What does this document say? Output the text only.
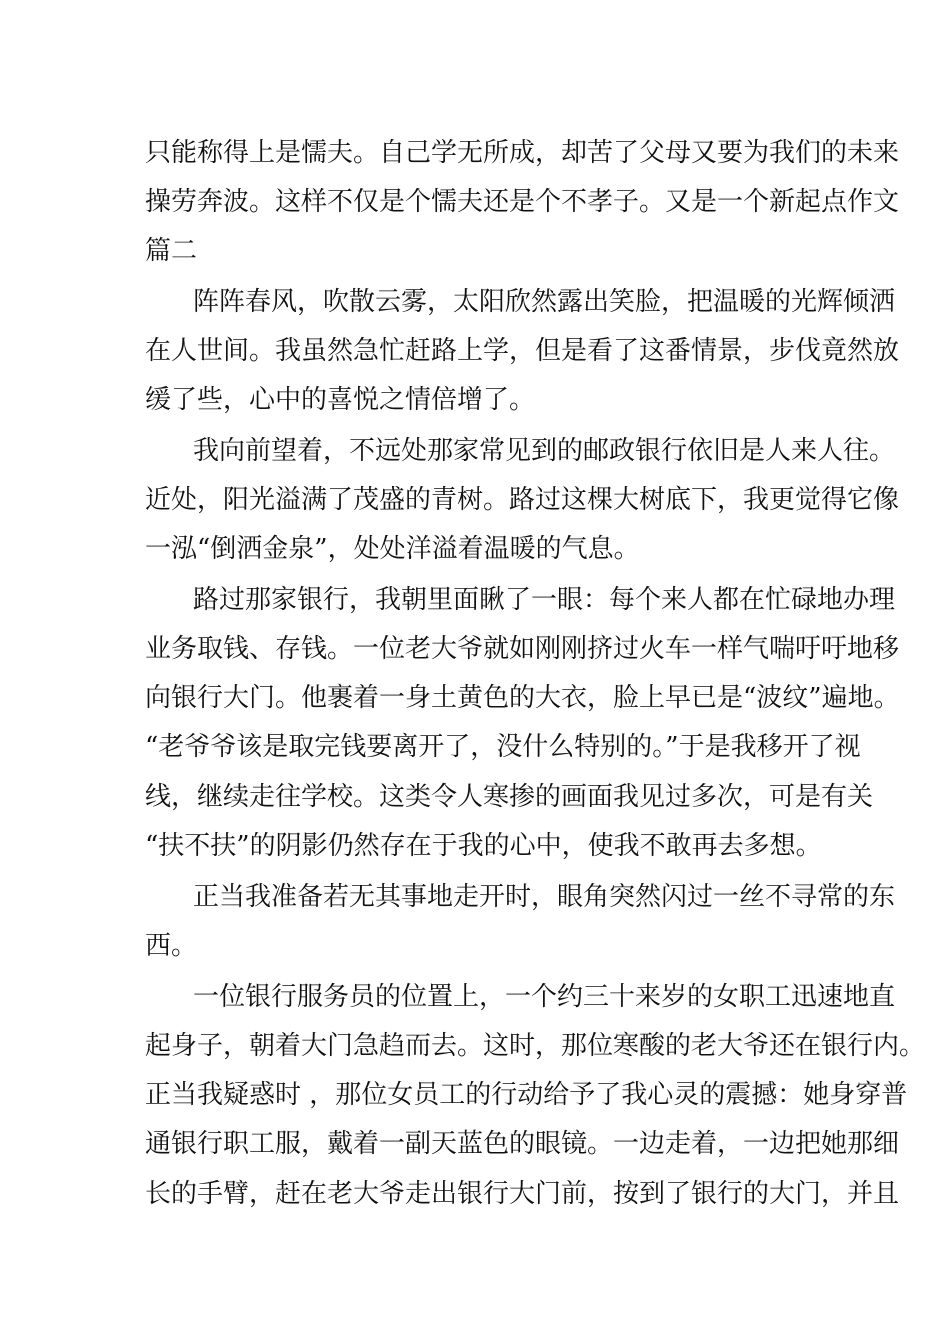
只能称得上是懦夫。自己学无所成，却苦了父母又要为我们的未来
操劳奔波。这样不仅是个懦夫还是个不孝子。又是一个新起点作文
篇二
阵阵春风，吹散云雾，太阳欣然露出笑脸，把温暖的光辉倾洒
在人世间。我虽然急忙赶路上学，但是看了这番情景，步伐竟然放
缓了些，心中的喜悦之情倍增了。
我向前望着，不远处那家常见到的邮政银行依旧是人来人往。
近处，阳光溢满了茂盛的青树。路过这棵大树底下，我更觉得它像
一泓“倒洒金泉”，处处洋溢着温暖的气息。
路过那家银行，我朝里面瞅了一眼：每个来人都在忙碌地办理
业务取钱、存钱。一位老大爷就如刚刚挤过火车一样气喘吁吁地移
向银行大门。他裹着一身土黄色的大衣，脸上早已是“波纹”遍地。
“老爷爷该是取完钱要离开了，没什么特别的。”于是我移开了视
线，继续走往学校。这类令人寒掺的画面我见过多次，可是有关
“扶不扶”的阴影仍然存在于我的心中，使我不敢再去多想。
正当我准备若无其事地走开时，眼角突然闪过一丝不寻常的东
西。
一位银行服务员的位置上，一个约三十来岁的女职工迅速地直
起身子，朝着大门急趋而去。这时，那位寒酸的老大爷还在银行内。
正当我疑惑时 ，那位女员工的行动给予了我心灵的震撼：她身穿普
通银行职工服，戴着一副天蓝色的眼镜。一边走着，一边把她那细
长的手臂，赶在老大爷走出银行大门前，按到了银行的大门，并且
